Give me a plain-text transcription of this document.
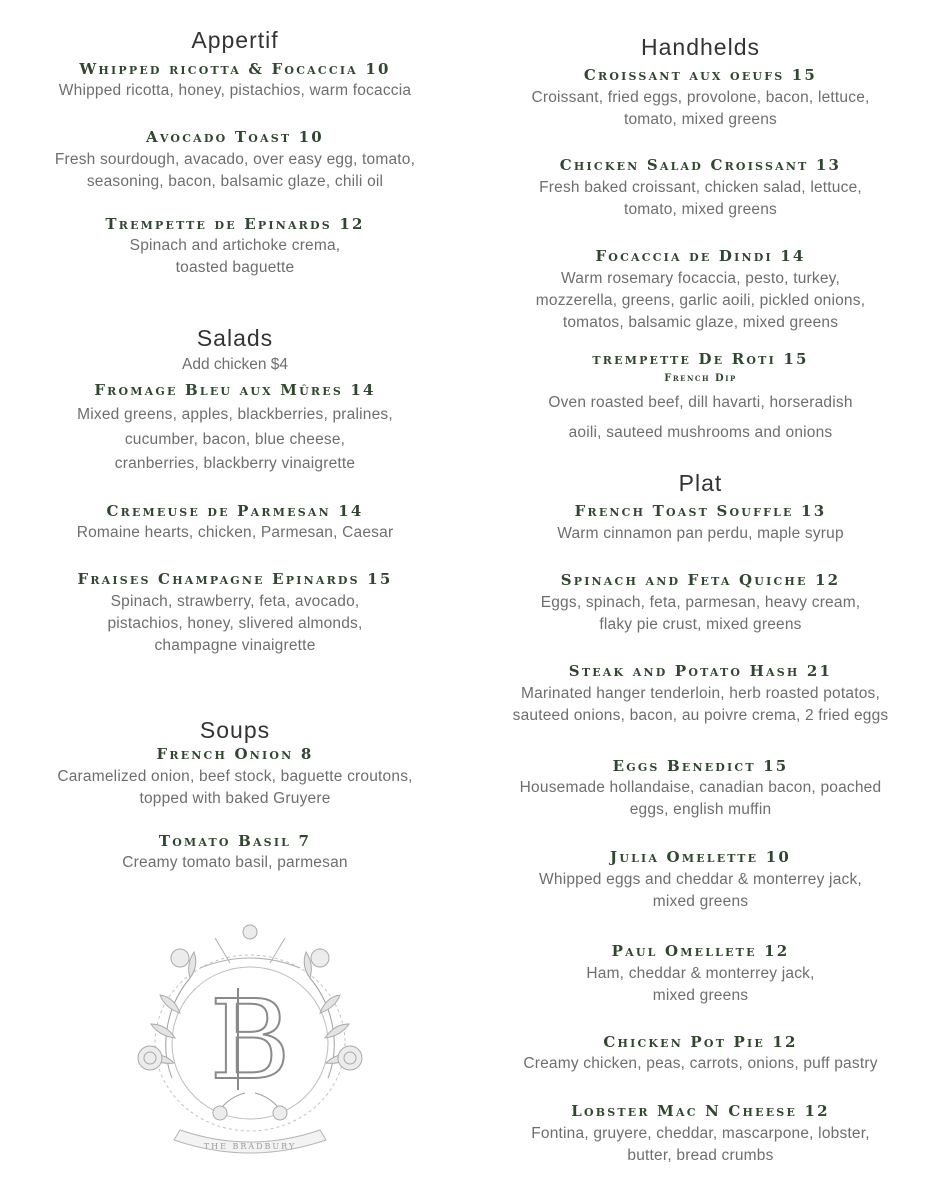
Appertif
Whipped ricotta & Focaccia 10
Whipped ricotta, honey, pistachios, warm focaccia
Avocado Toast 10
Fresh sourdough, avacado, over easy egg, tomato,
seasoning, bacon, balsamic glaze, chili oil
Trempette de Epinards 12
Spinach and artichoke crema,
toasted baguette
Salads
Add chicken $4
Fromage Bleu aux Mûres 14
Mixed greens, apples, blackberries, pralines,
cucumber, bacon, blue cheese,
cranberries, blackberry vinaigrette
Cremeuse de Parmesan 14
Romaine hearts, chicken, Parmesan, Caesar
Fraises Champagne Epinards 15
Spinach, strawberry, feta, avocado,
pistachios, honey, slivered almonds,
champagne vinaigrette
Soups
French Onion 8
Caramelized onion, beef stock, baguette croutons,
topped with baked Gruyere
Tomato Basil 7
Creamy tomato basil, parmesan
B
THE BRADBURY
Handhelds
Croissant aux oeufs 15
Croissant, fried eggs, provolone, bacon, lettuce,
tomato, mixed greens
Chicken Salad Croissant 13
Fresh baked croissant, chicken salad, lettuce,
tomato, mixed greens
Focaccia de Dindi 14
Warm rosemary focaccia, pesto, turkey,
mozzerella, greens, garlic aoili, pickled onions,
tomatos, balsamic glaze, mixed greens
trempette De Roti 15
French Dip
Oven roasted beef, dill havarti, horseradish
aoili, sauteed mushrooms and onions
Plat
French Toast Souffle 13
Warm cinnamon pan perdu, maple syrup
Spinach and Feta Quiche 12
Eggs, spinach, feta, parmesan, heavy cream,
flaky pie crust, mixed greens
Steak and Potato Hash 21
Marinated hanger tenderloin, herb roasted potatos,
sauteed onions, bacon, au poivre crema, 2 fried eggs
Eggs Benedict 15
Housemade hollandaise, canadian bacon, poached
eggs, english muffin
Julia Omelette 10
Whipped eggs and cheddar & monterrey jack,
mixed greens
Paul Omellete 12
Ham, cheddar & monterrey jack,
mixed greens
Chicken Pot Pie 12
Creamy chicken, peas, carrots, onions, puff pastry
Lobster Mac N Cheese 12
Fontina, gruyere, cheddar, mascarpone, lobster,
butter, bread crumbs
